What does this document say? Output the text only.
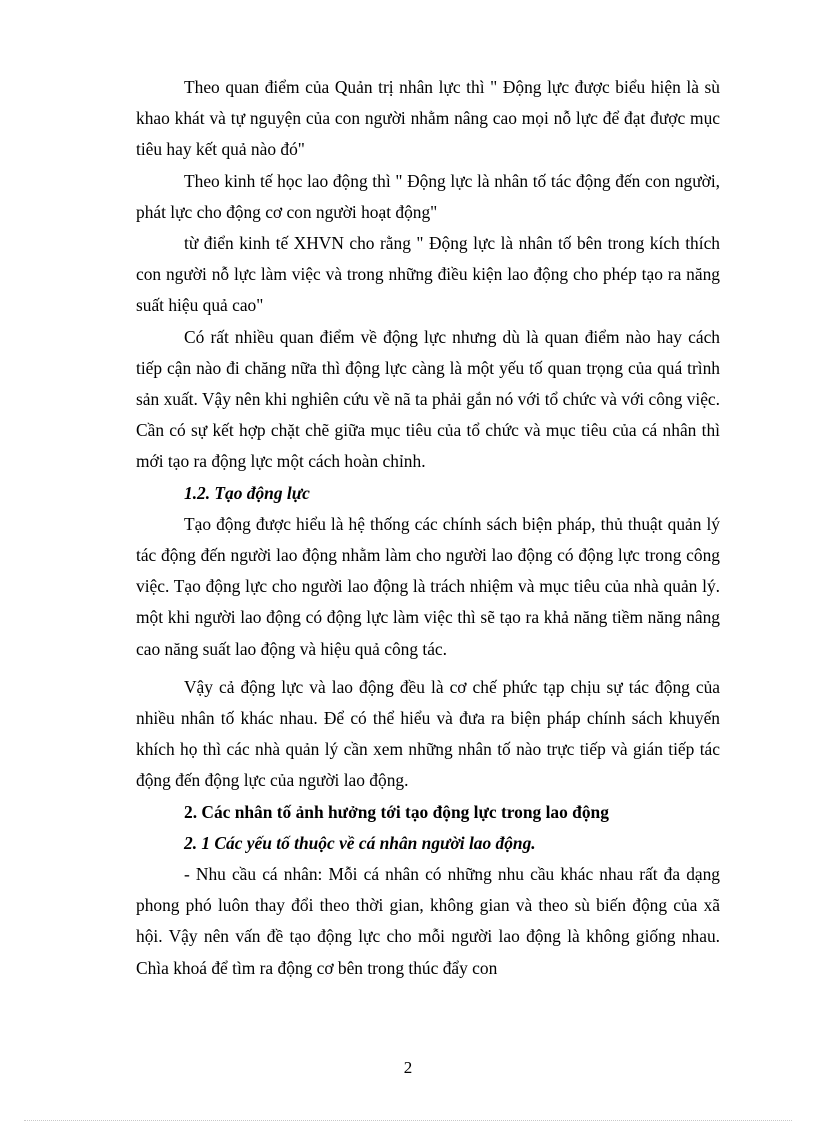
Theo quan điểm của Quản trị nhân lực thì " Động lực được biểu hiện là sù khao khát và tự nguyện của con người nhằm nâng cao mọi nỗ lực để đạt được mục tiêu hay kết quả nào đó"

Theo kinh tế học lao động thì " Động lực là nhân tố tác động đến con người, phát lực cho động cơ con người hoạt động"

từ điển kinh tế XHVN cho rằng " Động lực là nhân tố bên trong kích thích con người nỗ lực làm việc và trong những điều kiện lao động cho phép tạo ra năng suất hiệu quả cao"

Có rất nhiều quan điểm về động lực nhưng dù là quan điểm nào hay cách tiếp cận nào đi chăng nữa thì động lực càng là một yếu tố quan trọng của quá trình sản xuất. Vậy nên khi nghiên cứu về nã ta phải gắn nó với tổ chức và với công việc. Cần có sự kết hợp chặt chẽ giữa mục tiêu của tổ chức và mục tiêu của cá nhân thì mới tạo ra động lực một cách hoàn chỉnh.

1.2. Tạo động lực

Tạo động được hiểu là hệ thống các chính sách biện pháp, thủ thuật quản lý tác động đến người lao động nhằm làm cho người lao động có động lực trong công việc. Tạo động lực cho người lao động là trách nhiệm và mục tiêu của nhà quản lý. một khi người lao động có động lực làm việc thì sẽ tạo ra khả năng tiềm năng nâng cao năng suất lao động và hiệu quả công tác.

Vậy cả động lực và lao động đều là cơ chế phức tạp chịu sự tác động của nhiều nhân tố khác nhau. Để có thể hiểu và đưa ra biện pháp chính sách khuyến khích họ thì các nhà quản lý cần xem những nhân tố nào trực tiếp và gián tiếp tác động đến động lực của người lao động.

2. Các nhân tố ảnh hưởng tới tạo động lực trong lao động

2. 1 Các yếu tố thuộc về cá nhân người lao động.

- Nhu cầu cá nhân: Mỗi cá nhân có những nhu cầu khác nhau rất đa dạng phong phó luôn thay đổi theo thời gian, không gian và theo sù biến động của xã hội. Vậy nên vấn đề tạo động lực cho mỗi người lao động là không giống nhau. Chìa khoá để tìm ra động cơ bên trong thúc đẩy con

2
